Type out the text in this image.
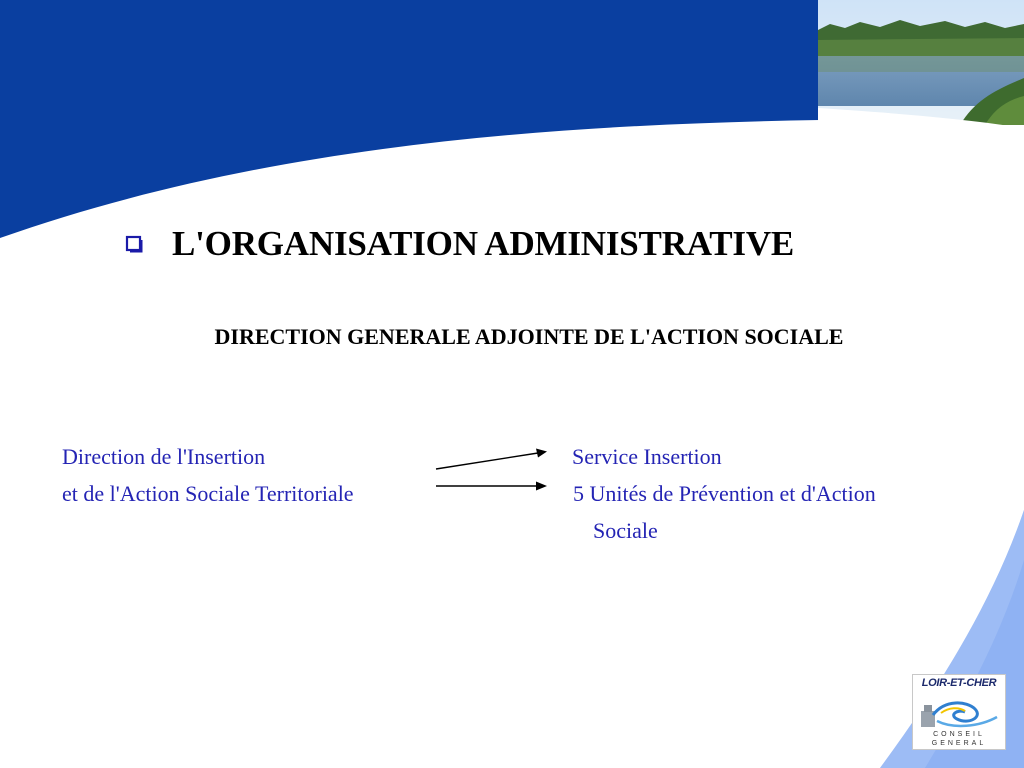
L'ORGANISATION ADMINISTRATIVE
DIRECTION GENERALE ADJOINTE DE L'ACTION SOCIALE
Direction de l'Insertion
et de l'Action Sociale Territoriale
Service Insertion
5 Unités de Prévention et d'Action
Sociale
LOIR-ET-CHER
CONSEIL
GENERAL
